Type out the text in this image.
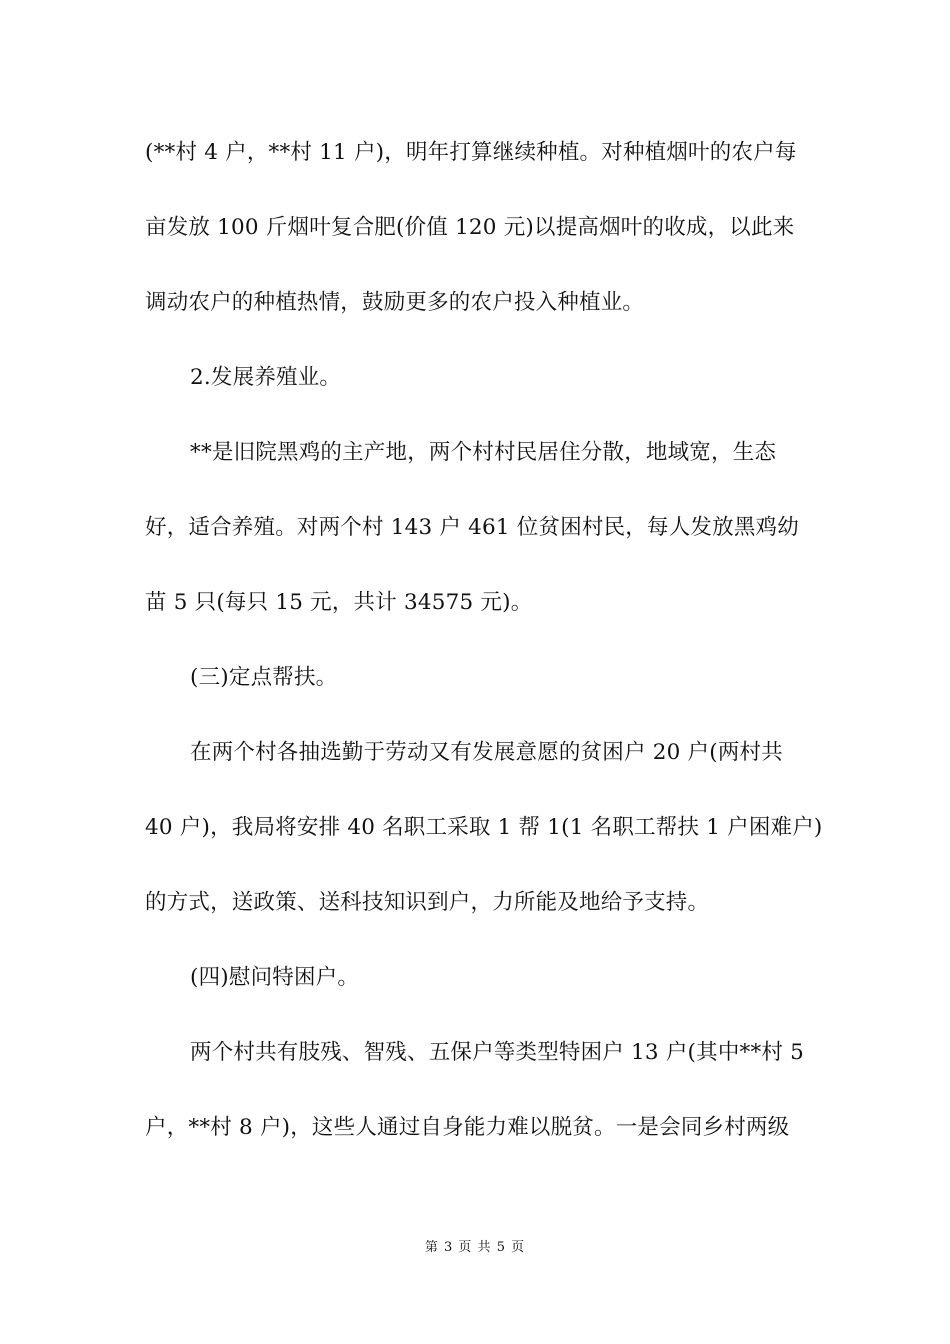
(**村 4 户，**村 11 户)，明年打算继续种植。对种植烟叶的农户每
亩发放 100 斤烟叶复合肥(价值 120 元)以提高烟叶的收成，以此来
调动农户的种植热情，鼓励更多的农户投入种植业。
2.发展养殖业。
**是旧院黑鸡的主产地，两个村村民居住分散，地域宽，生态
好，适合养殖。对两个村 143 户 461 位贫困村民，每人发放黑鸡幼
苗 5 只(每只 15 元，共计 34575 元)。
(三)定点帮扶。
在两个村各抽选勤于劳动又有发展意愿的贫困户 20 户(两村共
40 户)，我局将安排 40 名职工采取 1 帮 1(1 名职工帮扶 1 户困难户)
的方式，送政策、送科技知识到户，力所能及地给予支持。
(四)慰问特困户。
两个村共有肢残、智残、五保户等类型特困户 13 户(其中**村 5
户，**村 8 户)，这些人通过自身能力难以脱贫。一是会同乡村两级
第 3 页 共 5 页
